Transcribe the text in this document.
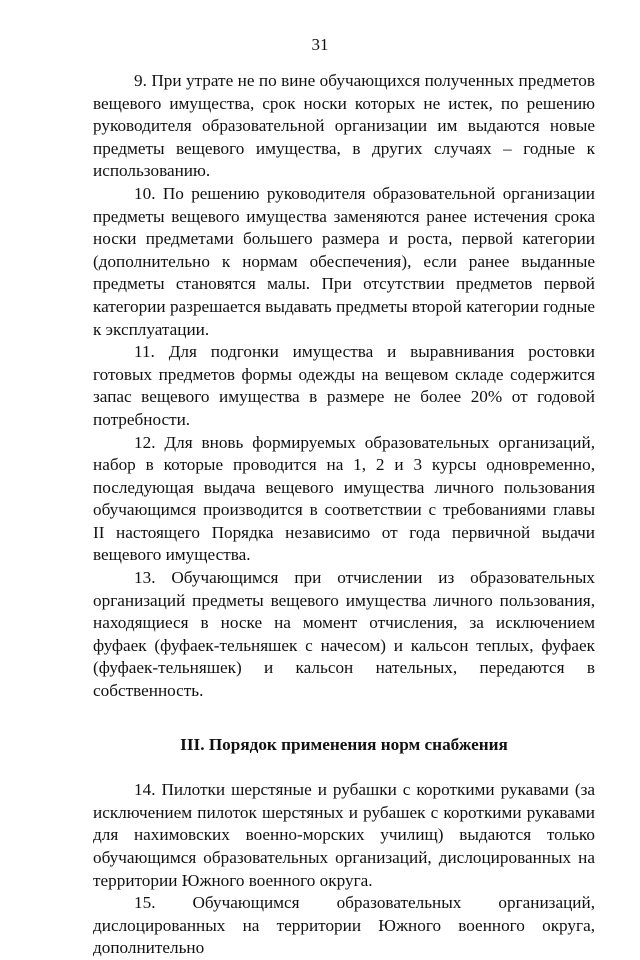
31

9. При утрате не по вине обучающихся полученных предметов вещевого имущества, срок носки которых не истек, по решению руководителя образовательной организации им выдаются новые предметы вещевого имущества, в других случаях – годные к использованию.

10. По решению руководителя образовательной организации предметы вещевого имущества заменяются ранее истечения срока носки предметами большего размера и роста, первой категории (дополнительно к нормам обеспечения), если ранее выданные предметы становятся малы. При отсутствии предметов первой категории разрешается выдавать предметы второй категории годные к эксплуатации.

11. Для подгонки имущества и выравнивания ростовки готовых предметов формы одежды на вещевом складе содержится запас вещевого имущества в размере не более 20% от годовой потребности.

12. Для вновь формируемых образовательных организаций, набор в которые проводится на 1, 2 и 3 курсы одновременно, последующая выдача вещевого имущества личного пользования обучающимся производится в соответствии с требованиями главы II настоящего Порядка независимо от года первичной выдачи вещевого имущества.

13. Обучающимся при отчислении из образовательных организаций предметы вещевого имущества личного пользования, находящиеся в носке на момент отчисления, за исключением фуфаек (фуфаек-тельняшек с начесом) и кальсон теплых, фуфаек (фуфаек-тельняшек) и кальсон нательных, передаются в собственность.

III. Порядок применения норм снабжения

14. Пилотки шерстяные и рубашки с короткими рукавами (за исключением пилоток шерстяных и рубашек с короткими рукавами для нахимовских военно-морских училищ) выдаются только обучающимся образовательных организаций, дислоцированных на территории Южного военного округа.

15. Обучающимся образовательных организаций, дислоцированных на территории Южного военного округа, дополнительно
